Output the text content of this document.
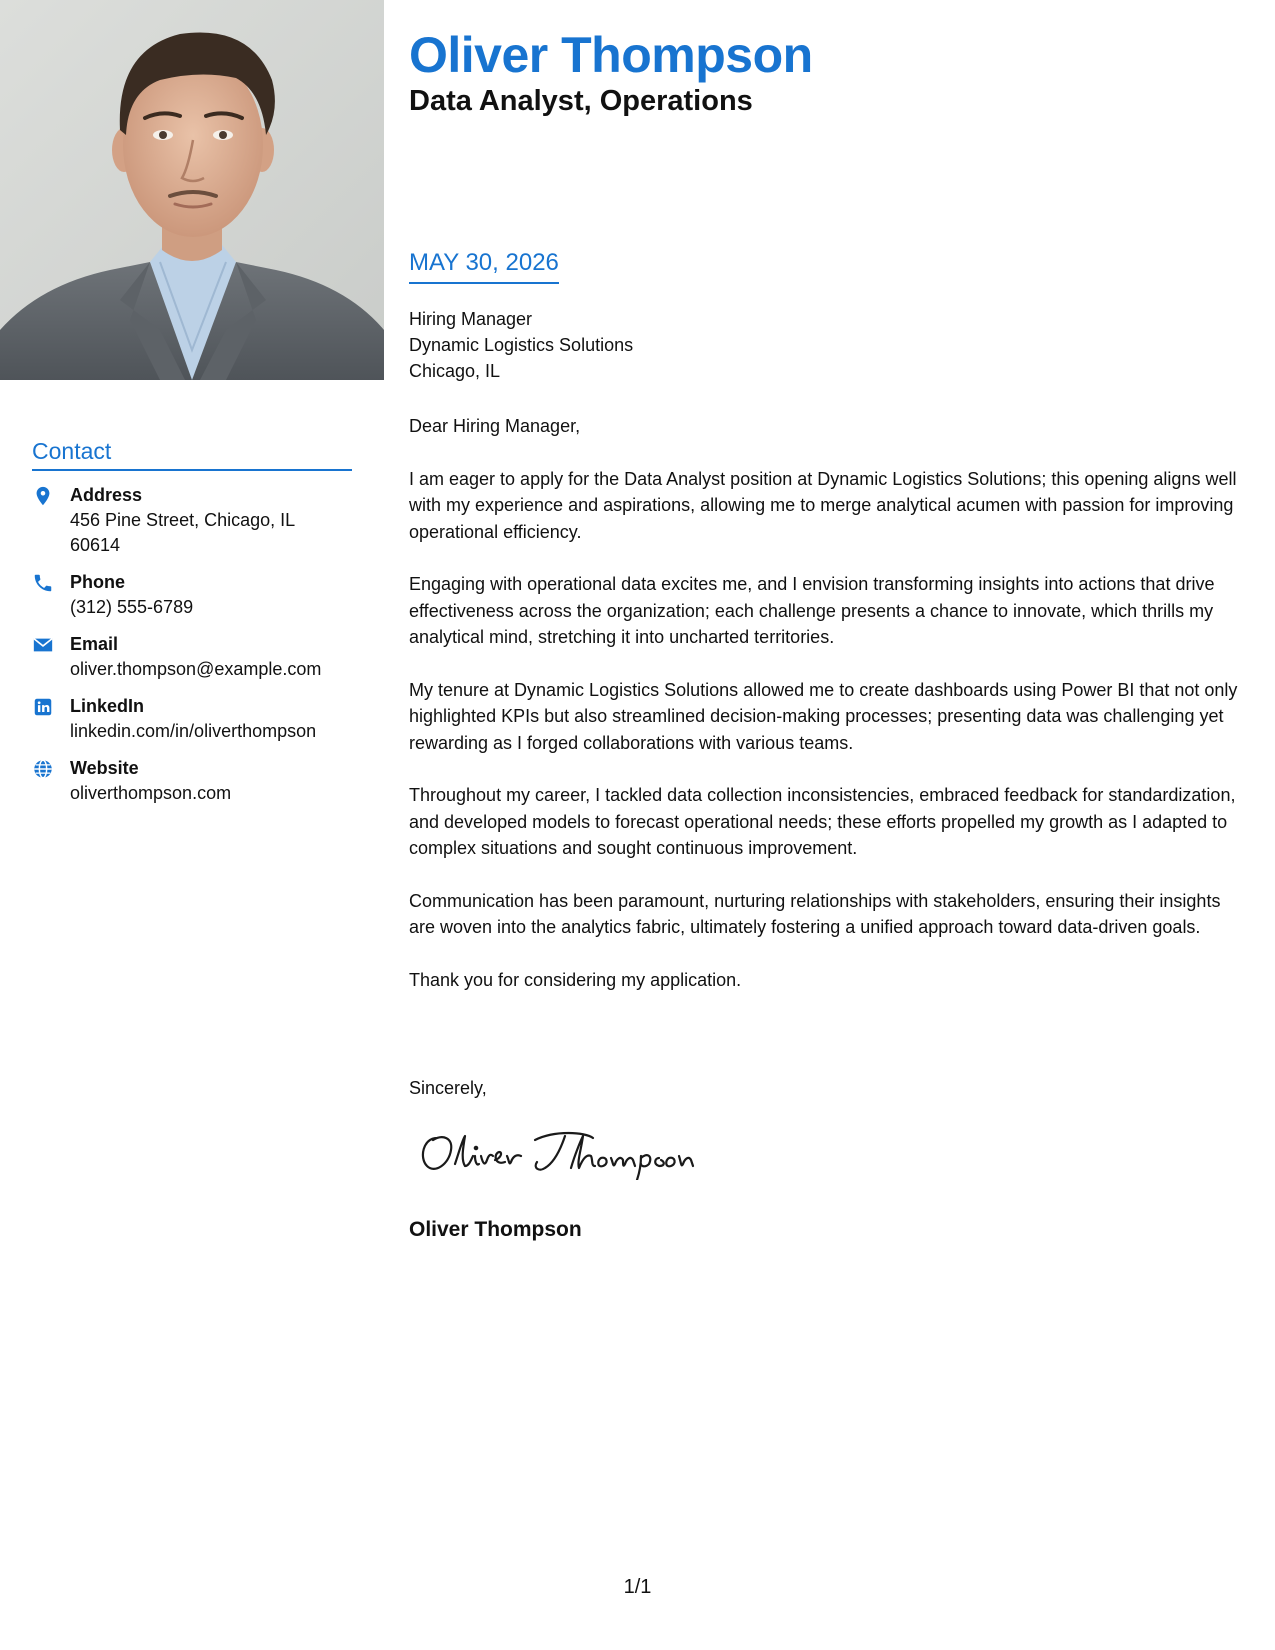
Contact
Address
456 Pine Street, Chicago, IL 60614
Phone
(312) 555-6789
Email
oliver.thompson@example.com
LinkedIn
linkedin.com/in/oliverthompson
Website
oliverthompson.com
Oliver Thompson
Data Analyst, Operations
MAY 30, 2026
Hiring Manager
Dynamic Logistics Solutions
Chicago, IL

Dear Hiring Manager,

I am eager to apply for the Data Analyst position at Dynamic Logistics Solutions; this opening aligns well with my experience and aspirations, allowing me to merge analytical acumen with passion for improving operational efficiency.

Engaging with operational data excites me, and I envision transforming insights into actions that drive effectiveness across the organization; each challenge presents a chance to innovate, which thrills my analytical mind, stretching it into uncharted territories.

My tenure at Dynamic Logistics Solutions allowed me to create dashboards using Power BI that not only highlighted KPIs but also streamlined decision-making processes; presenting data was challenging yet rewarding as I forged collaborations with various teams.

Throughout my career, I tackled data collection inconsistencies, embraced feedback for standardization, and developed models to forecast operational needs; these efforts propelled my growth as I adapted to complex situations and sought continuous improvement.

Communication has been paramount, nurturing relationships with stakeholders, ensuring their insights are woven into the analytics fabric, ultimately fostering a unified approach toward data-driven goals.

Thank you for considering my application.

Sincerely,
Oliver Thompson
1/1
